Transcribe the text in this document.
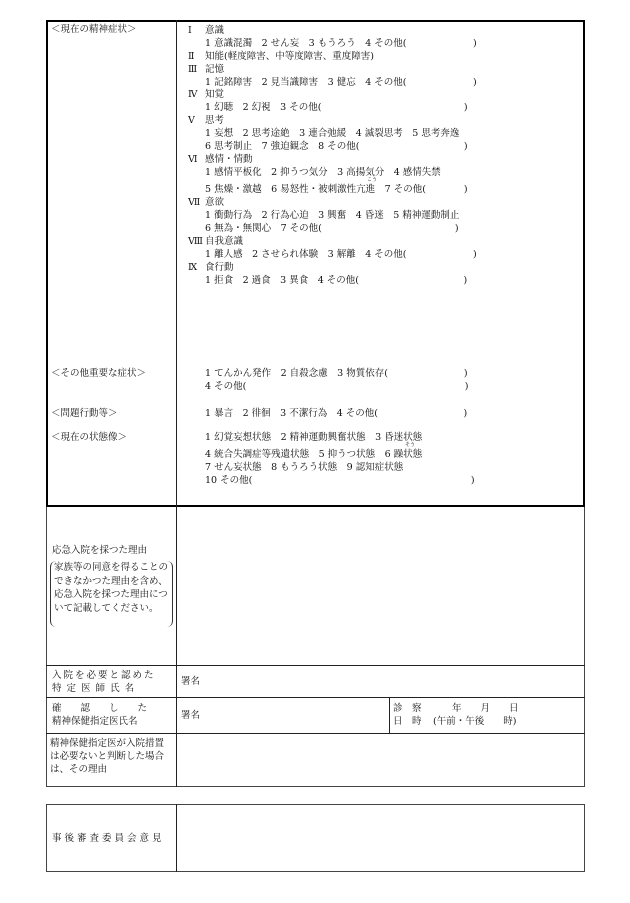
＜現在の精神症状＞
＜その他重要な症状＞
＜問題行動等＞
＜現在の状態像＞
Ⅰ 意識
1 意識混濁　2 せん妄　3 もうろう　4 その他(　　　　　　　)
Ⅱ 知能(軽度障害、中等度障害、重度障害)
Ⅲ 記憶
1 記銘障害　2 見当識障害　3 健忘　4 その他(　　　　　　　)
Ⅳ 知覚
1 幻聴　2 幻視　3 その他(　　　　　　　　　　　　　　　)
Ⅴ 思考
1 妄想　2 思考途絶　3 連合弛緩　4 滅裂思考　5 思考奔逸
6 思考制止　7 強迫観念　8 その他(　　　　　　　　　　　)
Ⅵ 感情・情動
1 感情平板化　2 抑うつ気分　3 高揚気分　4 感情失禁
こう
5 焦燥・激越　6 易怒性・被刺激性亢進　7 その他(　　　　)
Ⅶ 意欲
1 衝動行為　2 行為心迫　3 興奮　4 昏迷　5 精神運動制止
6 無為・無関心　7 その他(　　　　　　　　　　　　　　)
Ⅷ 自我意識
1 離人感　2 させられ体験　3 解離　4 その他(　　　　　　　)
Ⅸ 食行動
1 拒食　2 過食　3 異食　4 その他(　　　　　　　　　　　)
1 てんかん発作　2 自殺念慮　3 物質依存(　　　　　　　　)
4 その他(　　　　　　　　　　　　　　　　　　　　　　　)
1 暴言　2 徘徊　3 不潔行為　4 その他(　　　　　　　　　)
1 幻覚妄想状態　2 精神運動興奮状態　3 昏迷状態
そう
4 統合失調症等残遺状態　5 抑うつ状態　6 躁状態
7 せん妄状態　8 もうろう状態　9 認知症状態
10 その他(　　　　　　　　　　　　　　　　　　　　　　　)
応急入院を採つた理由
家族等の同意を得ることのできなかつた理由を含め、応急入院を採つた理由について記載してください。
入院を必要と認めた
特 定 医 師 氏 名
署名
確　　認　　し　　た
精神保健指定医氏名
署名
診　察
日　時
年　　月　　日
(午前・午後　　時)
精神保健指定医が入院措置は必要ないと判断した場合は、その理由
事後審査委員会意見
